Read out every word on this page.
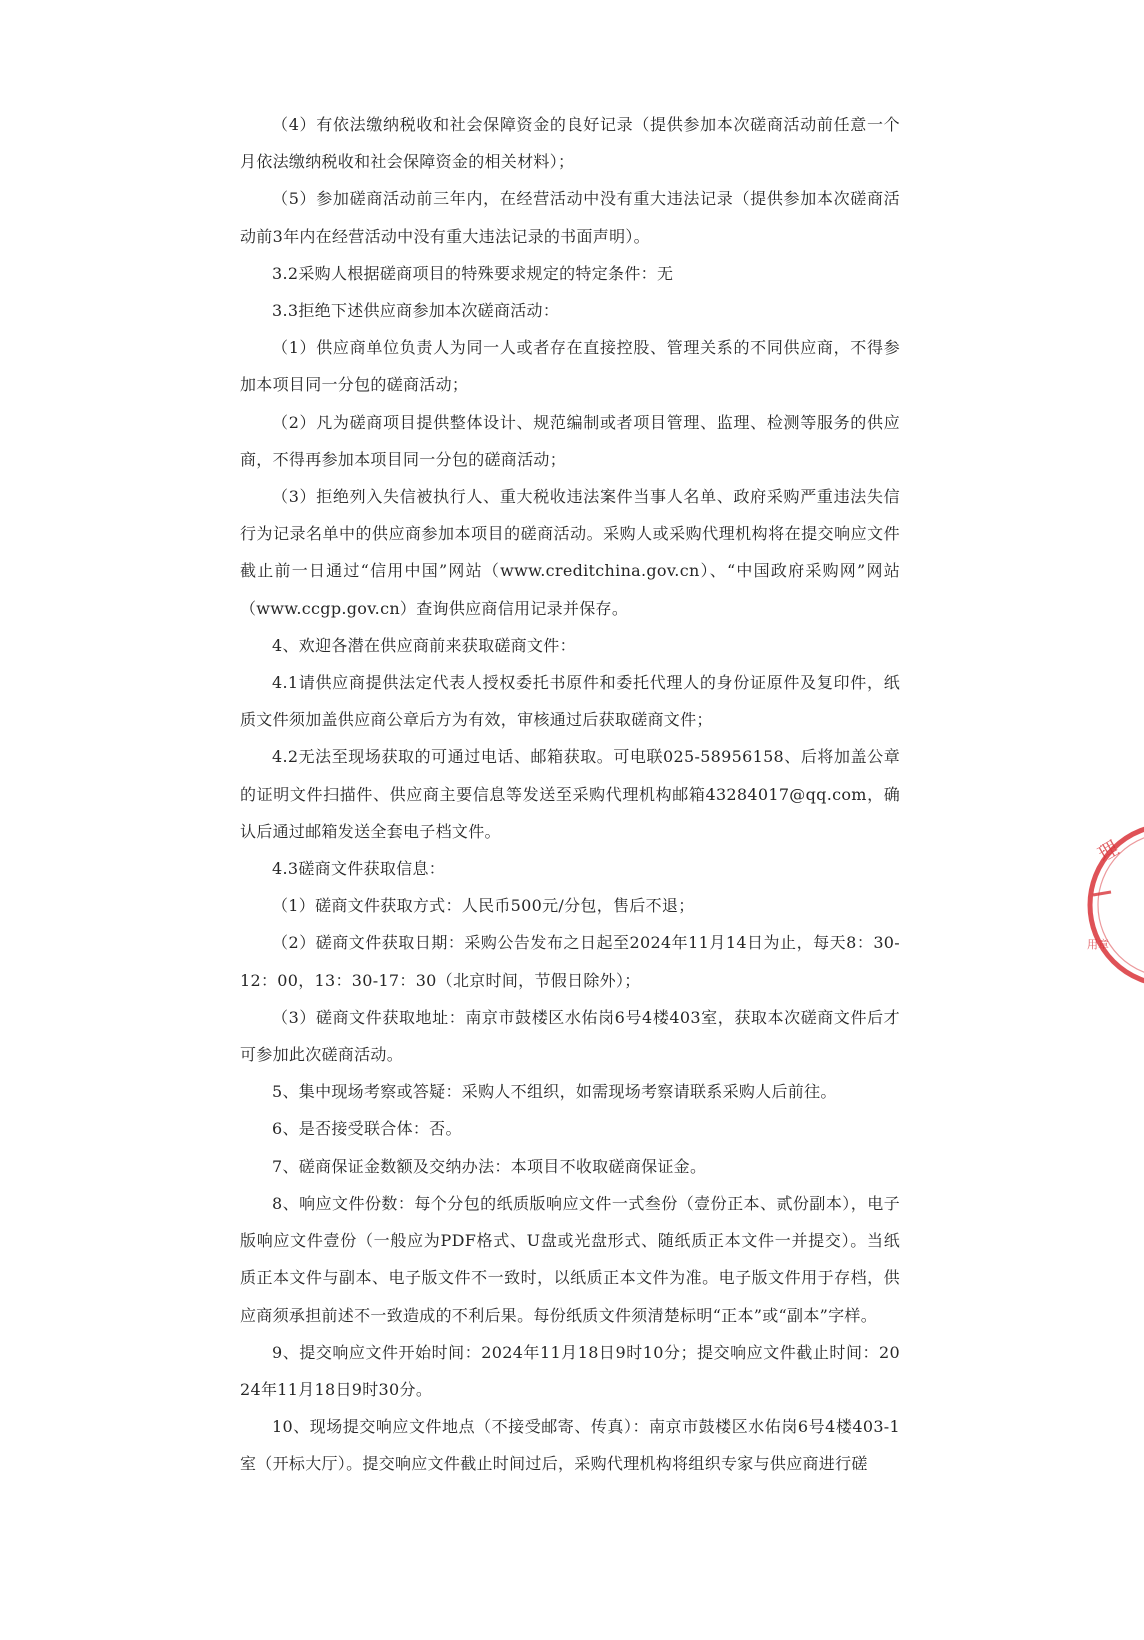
（4）有依法缴纳税收和社会保障资金的良好记录（提供参加本次磋商活动前任意一个月依法缴纳税收和社会保障资金的相关材料）；

（5）参加磋商活动前三年内，在经营活动中没有重大违法记录（提供参加本次磋商活动前3年内在经营活动中没有重大违法记录的书面声明）。

3.2采购人根据磋商项目的特殊要求规定的特定条件：无

3.3拒绝下述供应商参加本次磋商活动：

（1）供应商单位负责人为同一人或者存在直接控股、管理关系的不同供应商，不得参加本项目同一分包的磋商活动；

（2）凡为磋商项目提供整体设计、规范编制或者项目管理、监理、检测等服务的供应商，不得再参加本项目同一分包的磋商活动；

（3）拒绝列入失信被执行人、重大税收违法案件当事人名单、政府采购严重违法失信行为记录名单中的供应商参加本项目的磋商活动。采购人或采购代理机构将在提交响应文件截止前一日通过“信用中国”网站（www.creditchina.gov.cn）、“中国政府采购网”网站（www.ccgp.gov.cn）查询供应商信用记录并保存。

4、欢迎各潜在供应商前来获取磋商文件：

4.1请供应商提供法定代表人授权委托书原件和委托代理人的身份证原件及复印件，纸质文件须加盖供应商公章后方为有效，审核通过后获取磋商文件；

4.2无法至现场获取的可通过电话、邮箱获取。可电联025-58956158、后将加盖公章的证明文件扫描件、供应商主要信息等发送至采购代理机构邮箱43284017@qq.com，确认后通过邮箱发送全套电子档文件。

4.3磋商文件获取信息：

（1）磋商文件获取方式：人民币500元/分包，售后不退；

（2）磋商文件获取日期：采购公告发布之日起至2024年11月14日为止，每天8：30-12：00，13：30-17：30（北京时间，节假日除外）；

（3）磋商文件获取地址：南京市鼓楼区水佑岗6号4楼403室，获取本次磋商文件后才可参加此次磋商活动。

5、集中现场考察或答疑：采购人不组织，如需现场考察请联系采购人后前往。

6、是否接受联合体：否。

7、磋商保证金数额及交纳办法：本项目不收取磋商保证金。

8、响应文件份数：每个分包的纸质版响应文件一式叁份（壹份正本、贰份副本），电子版响应文件壹份（一般应为PDF格式、U盘或光盘形式、随纸质正本文件一并提交）。当纸质正本文件与副本、电子版文件不一致时，以纸质正本文件为准。电子版文件用于存档，供应商须承担前述不一致造成的不利后果。每份纸质文件须清楚标明“正本”或“副本”字样。

9、提交响应文件开始时间：2024年11月18日9时10分；提交响应文件截止时间：2024年11月18日9时30分。

10、现场提交响应文件地点（不接受邮寄、传真）：南京市鼓楼区水佑岗6号4楼403-1室（开标大厅）。提交响应文件截止时间过后，采购代理机构将组织专家与供应商进行磋

理
用章
